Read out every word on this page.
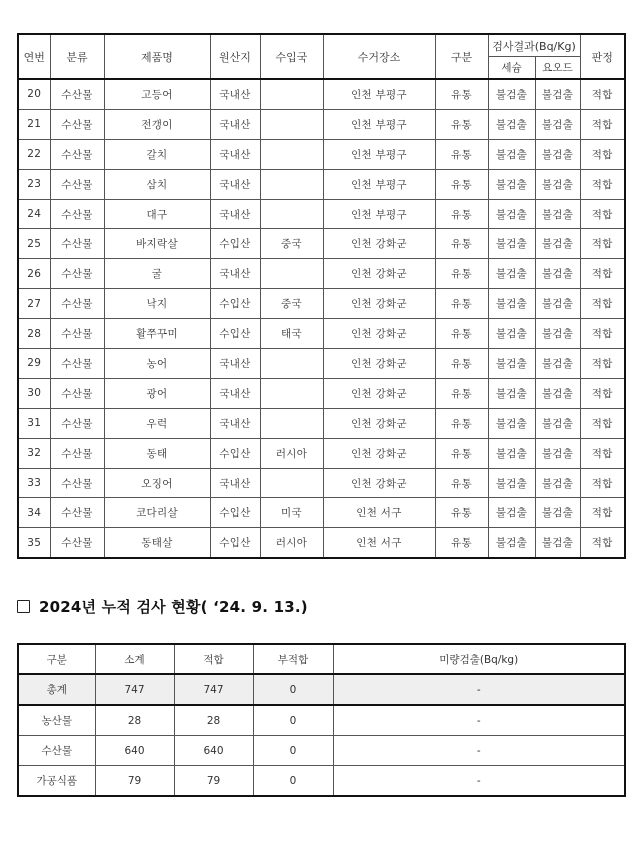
연번	분류	제품명	원산지	수입국	수거장소	구분	검사결과(Bq/Kg)		판정
							세슘	요오드	
20	수산물	고등어	국내산		인천 부평구	유통	불검출	불검출	적합
21	수산물	전갱이	국내산		인천 부평구	유통	불검출	불검출	적합
22	수산물	갈치	국내산		인천 부평구	유통	불검출	불검출	적합
23	수산물	삼치	국내산		인천 부평구	유통	불검출	불검출	적합
24	수산물	대구	국내산		인천 부평구	유통	불검출	불검출	적합
25	수산물	바지락살	수입산	중국	인천 강화군	유통	불검출	불검출	적합
26	수산물	굴	국내산		인천 강화군	유통	불검출	불검출	적합
27	수산물	낙지	수입산	중국	인천 강화군	유통	불검출	불검출	적합
28	수산물	활쭈꾸미	수입산	태국	인천 강화군	유통	불검출	불검출	적합
29	수산물	농어	국내산		인천 강화군	유통	불검출	불검출	적합
30	수산물	광어	국내산		인천 강화군	유통	불검출	불검출	적합
31	수산물	우럭	국내산		인천 강화군	유통	불검출	불검출	적합
32	수산물	동태	수입산	러시아	인천 강화군	유통	불검출	불검출	적합
33	수산물	오징어	국내산		인천 강화군	유통	불검출	불검출	적합
34	수산물	코다리살	수입산	미국	인천 서구	유통	불검출	불검출	적합
35	수산물	동태살	수입산	러시아	인천 서구	유통	불검출	불검출	적합
2024년 누적 검사 현황( ‘24. 9. 13.)
구분	소계	적합	부적합	미량검출(Bq/kg)
총계	747	747	0	-
농산물	28	28	0	-
수산물	640	640	0	-
가공식품	79	79	0	-
